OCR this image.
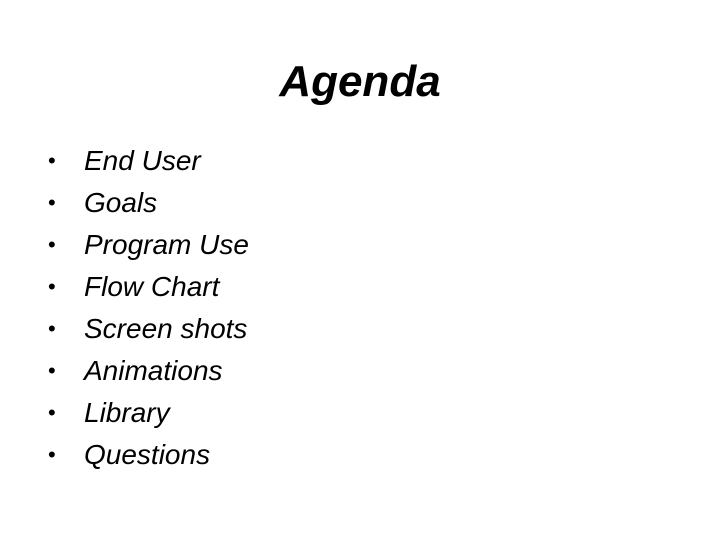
Agenda
• End User
• Goals
• Program Use
• Flow Chart
• Screen shots
• Animations
• Library
• Questions
